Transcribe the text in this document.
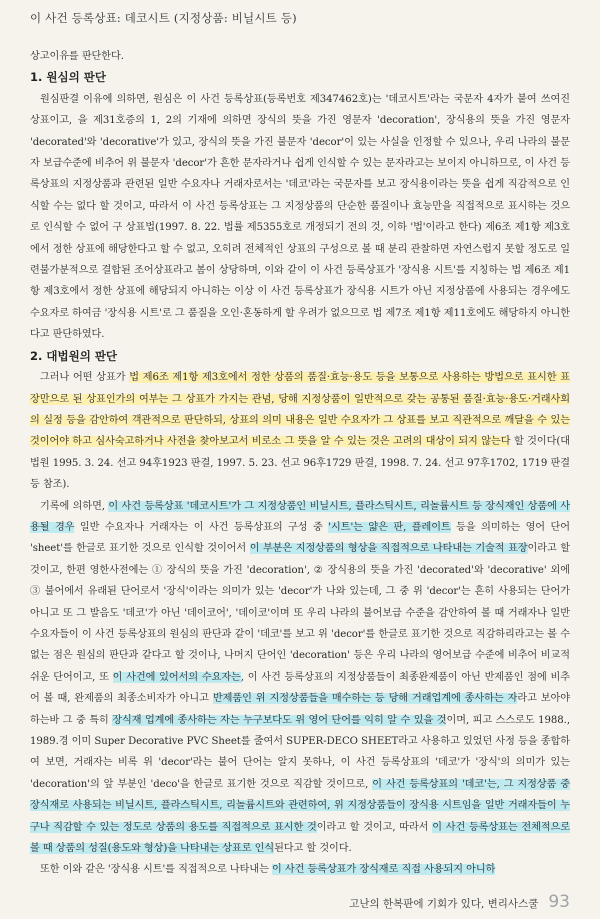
이 사건 등록상표: 데코시트 (지정상품: 비닐시트 등)

상고이유를 판단한다.

1. 원심의 판단

원심판결 이유에 의하면, 원심은 이 사건 등록상표(등록번호 제347462호)는 '데코시트'라는 국문자 4자가 붙여 쓰여진 상표이고, 을 제31호증의 1, 2의 기재에 의하면 장식의 뜻을 가진 영문자 'decoration', 장식용의 뜻을 가진 영문자 'decorated'와 'decorative'가 있고, 장식의 뜻을 가진 불문자 'decor'이 있는 사실을 인정할 수 있으나, 우리 나라의 불문자 보급수준에 비추어 위 불문자 'decor'가 흔한 문자라거나 쉽게 인식할 수 있는 문자라고는 보이지 아니하므로, 이 사건 등록상표의 지정상품과 관련된 일반 수요자나 거래자로서는 '데코'라는 국문자를 보고 장식용이라는 뜻을 쉽게 직감적으로 인식할 수는 없다 할 것이고, 따라서 이 사건 등록상표는 그 지정상품의 단순한 품질이나 효능만을 직접적으로 표시하는 것으로 인식할 수 없어 구 상표법(1997. 8. 22. 법률 제5355호로 개정되기 전의 것, 이하 '법'이라고 한다) 제6조 제1항 제3호에서 정한 상표에 해당한다고 할 수 없고, 오히려 전체적인 상표의 구성으로 볼 때 분리 관찰하면 자연스럽지 못할 정도로 일련불가분적으로 결합된 조어상표라고 봄이 상당하며, 이와 같이 이 사건 등록상표가 '장식용 시트'를 지칭하는 법 제6조 제1항 제3호에서 정한 상표에 해당되지 아니하는 이상 이 사건 등록상표가 장식용 시트가 아닌 지정상품에 사용되는 경우에도 수요자로 하여금 '장식용 시트'로 그 품질을 오인·혼동하게 할 우려가 없으므로 법 제7조 제1항 제11호에도 해당하지 아니한다고 판단하였다.

2. 대법원의 판단

그러나 어떤 상표가 법 제6조 제1항 제3호에서 정한 상품의 품질·효능·용도 등을 보통으로 사용하는 방법으로 표시한 표장만으로 된 상표인가의 여부는 그 상표가 가지는 관념, 당해 지정상품이 일반적으로 갖는 공통된 품질·효능·용도·거래사회의 실정 등을 감안하여 객관적으로 판단하되, 상표의 의미 내용은 일반 수요자가 그 상표를 보고 직관적으로 깨달을 수 있는 것이어야 하고 심사숙고하거나 사전을 찾아보고서 비로소 그 뜻을 알 수 있는 것은 고려의 대상이 되지 않는다 할 것이다(대법원 1995. 3. 24. 선고 94후1923 판결, 1997. 5. 23. 선고 96후1729 판결, 1998. 7. 24. 선고 97후1702, 1719 판결 등 참조).

기록에 의하면, 이 사건 등록상표 '데코시트'가 그 지정상품인 비닐시트, 플라스틱시트, 리놀륨시트 등 장식재인 상품에 사용될 경우 일반 수요자나 거래자는 이 사건 등록상표의 구성 중 '시트'는 얇은 판, 플레이트 등을 의미하는 영어 단어 'sheet'를 한글로 표기한 것으로 인식할 것이어서 이 부분은 지정상품의 형상을 직접적으로 나타내는 기술적 표장이라고 할 것이고, 한편 영한사전에는 ① 장식의 뜻을 가진 'decoration', ② 장식용의 뜻을 가진 'decorated'와 'decorative' 외에 ③ 불어에서 유래된 단어로서 '장식'이라는 의미가 있는 'decor'가 나와 있는데, 그 중 위 'decor'는 흔히 사용되는 단어가 아니고 또 그 발음도 '데코'가 아닌 '데이코어', '데이코'이며 또 우리 나라의 불어보급 수준을 감안하여 볼 때 거래자나 일반 수요자들이 이 사건 등록상표의 원심의 판단과 같이 '데코'를 보고 위 'decor'를 한글로 표기한 것으로 직감하리라고는 볼 수 없는 점은 원심의 판단과 같다고 할 것이나, 나머지 단어인 'decoration' 등은 우리 나라의 영어보급 수준에 비추어 비교적 쉬운 단어이고, 또 이 사건에 있어서의 수요자는, 이 사건 등록상표의 지정상품들이 최종완제품이 아닌 반제품인 점에 비추어 볼 때, 완제품의 최종소비자가 아니고 반제품인 위 지정상품들을 매수하는 등 당해 거래업계에 종사하는 자라고 보아야 하는바 그 중 특히 장식재 업계에 종사하는 자는 누구보다도 위 영어 단어를 익히 알 수 있을 것이며, 피고 스스로도 1988., 1989.경 이미 Super Decorative PVC Sheet를 줄여서 SUPER-DECO SHEET라고 사용하고 있었던 사정 등을 종합하여 보면, 거래자는 비록 위 'decor'라는 불어 단어는 알지 못하나, 이 사건 등록상표의 '데코'가 '장식'의 의미가 있는 'decoration'의 앞 부분인 'deco'을 한글로 표기한 것으로 직감할 것이므로, 이 사건 등록상표의 '데코'는, 그 지정상품 중 장식재로 사용되는 비닐시트, 플라스틱시트, 리놀륨시트와 관련하여, 위 지정상품들이 장식용 시트임을 일반 거래자들이 누구나 직감할 수 있는 정도로 상품의 용도를 직접적으로 표시한 것이라고 할 것이고, 따라서 이 사건 등록상표는 전체적으로 볼 때 상품의 성질(용도와 형상)을 나타내는 상표로 인식된다고 할 것이다.

또한 이와 같은 '장식용 시트'를 직접적으로 나타내는 이 사건 등록상표가 장식재로 직접 사용되지 아니하

고난의 한복판에 기회가 있다, 변리사스쿨 93
